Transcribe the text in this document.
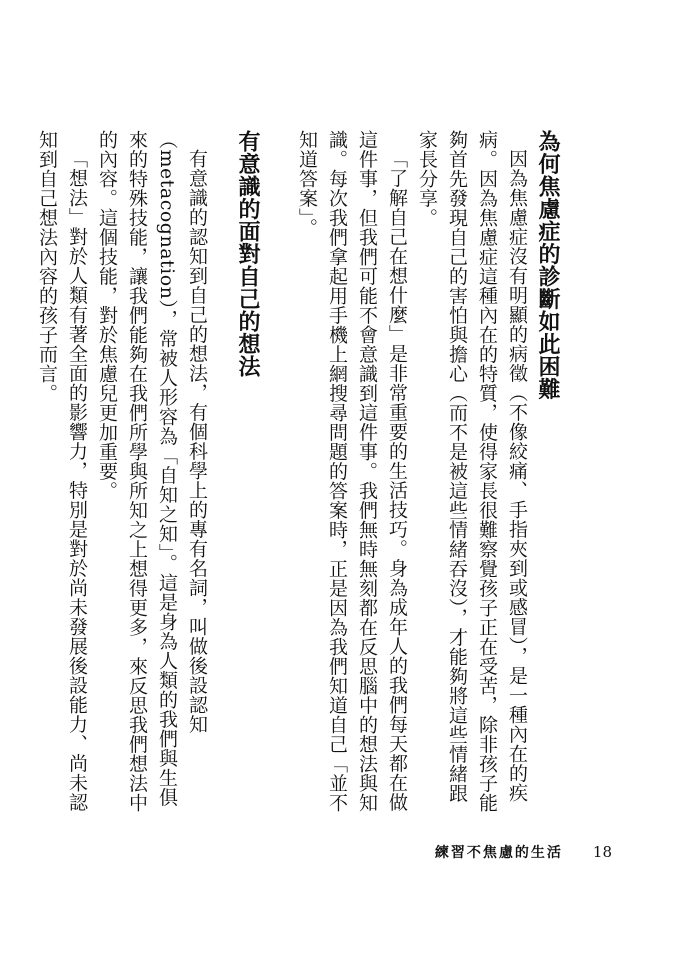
為何焦慮症的診斷如此困難

因為焦慮症沒有明顯的病徵（不像絞痛、手指夾到或感冒），是一種內在的疾病。因為焦慮症這種內在的特質，使得家長很難察覺孩子正在受苦，除非孩子能夠首先發現自己的害怕與擔心（而不是被這些情緒吞沒），才能夠將這些情緒跟家長分享。

「了解自己在想什麼」是非常重要的生活技巧。身為成年人的我們每天都在做這件事，但我們可能不會意識到這件事。我們無時無刻都在反思腦中的想法與知識。每次我們拿起用手機上網搜尋問題的答案時，正是因為我們知道自己「並不知道答案」。

有意識的面對自己的想法

有意識的認知到自己的想法，有個科學上的專有名詞，叫做後設認知（metacognation），常被人形容為「自知之知」。這是身為人類的我們與生俱來的特殊技能，讓我們能夠在我們所學與所知之上想得更多，來反思我們想法中的內容。這個技能，對於焦慮兒更加重要。

「想法」對於人類有著全面的影響力，特別是對於尚未發展後設能力、尚未認知到自己想法內容的孩子而言。

練習不焦慮的生活 18
